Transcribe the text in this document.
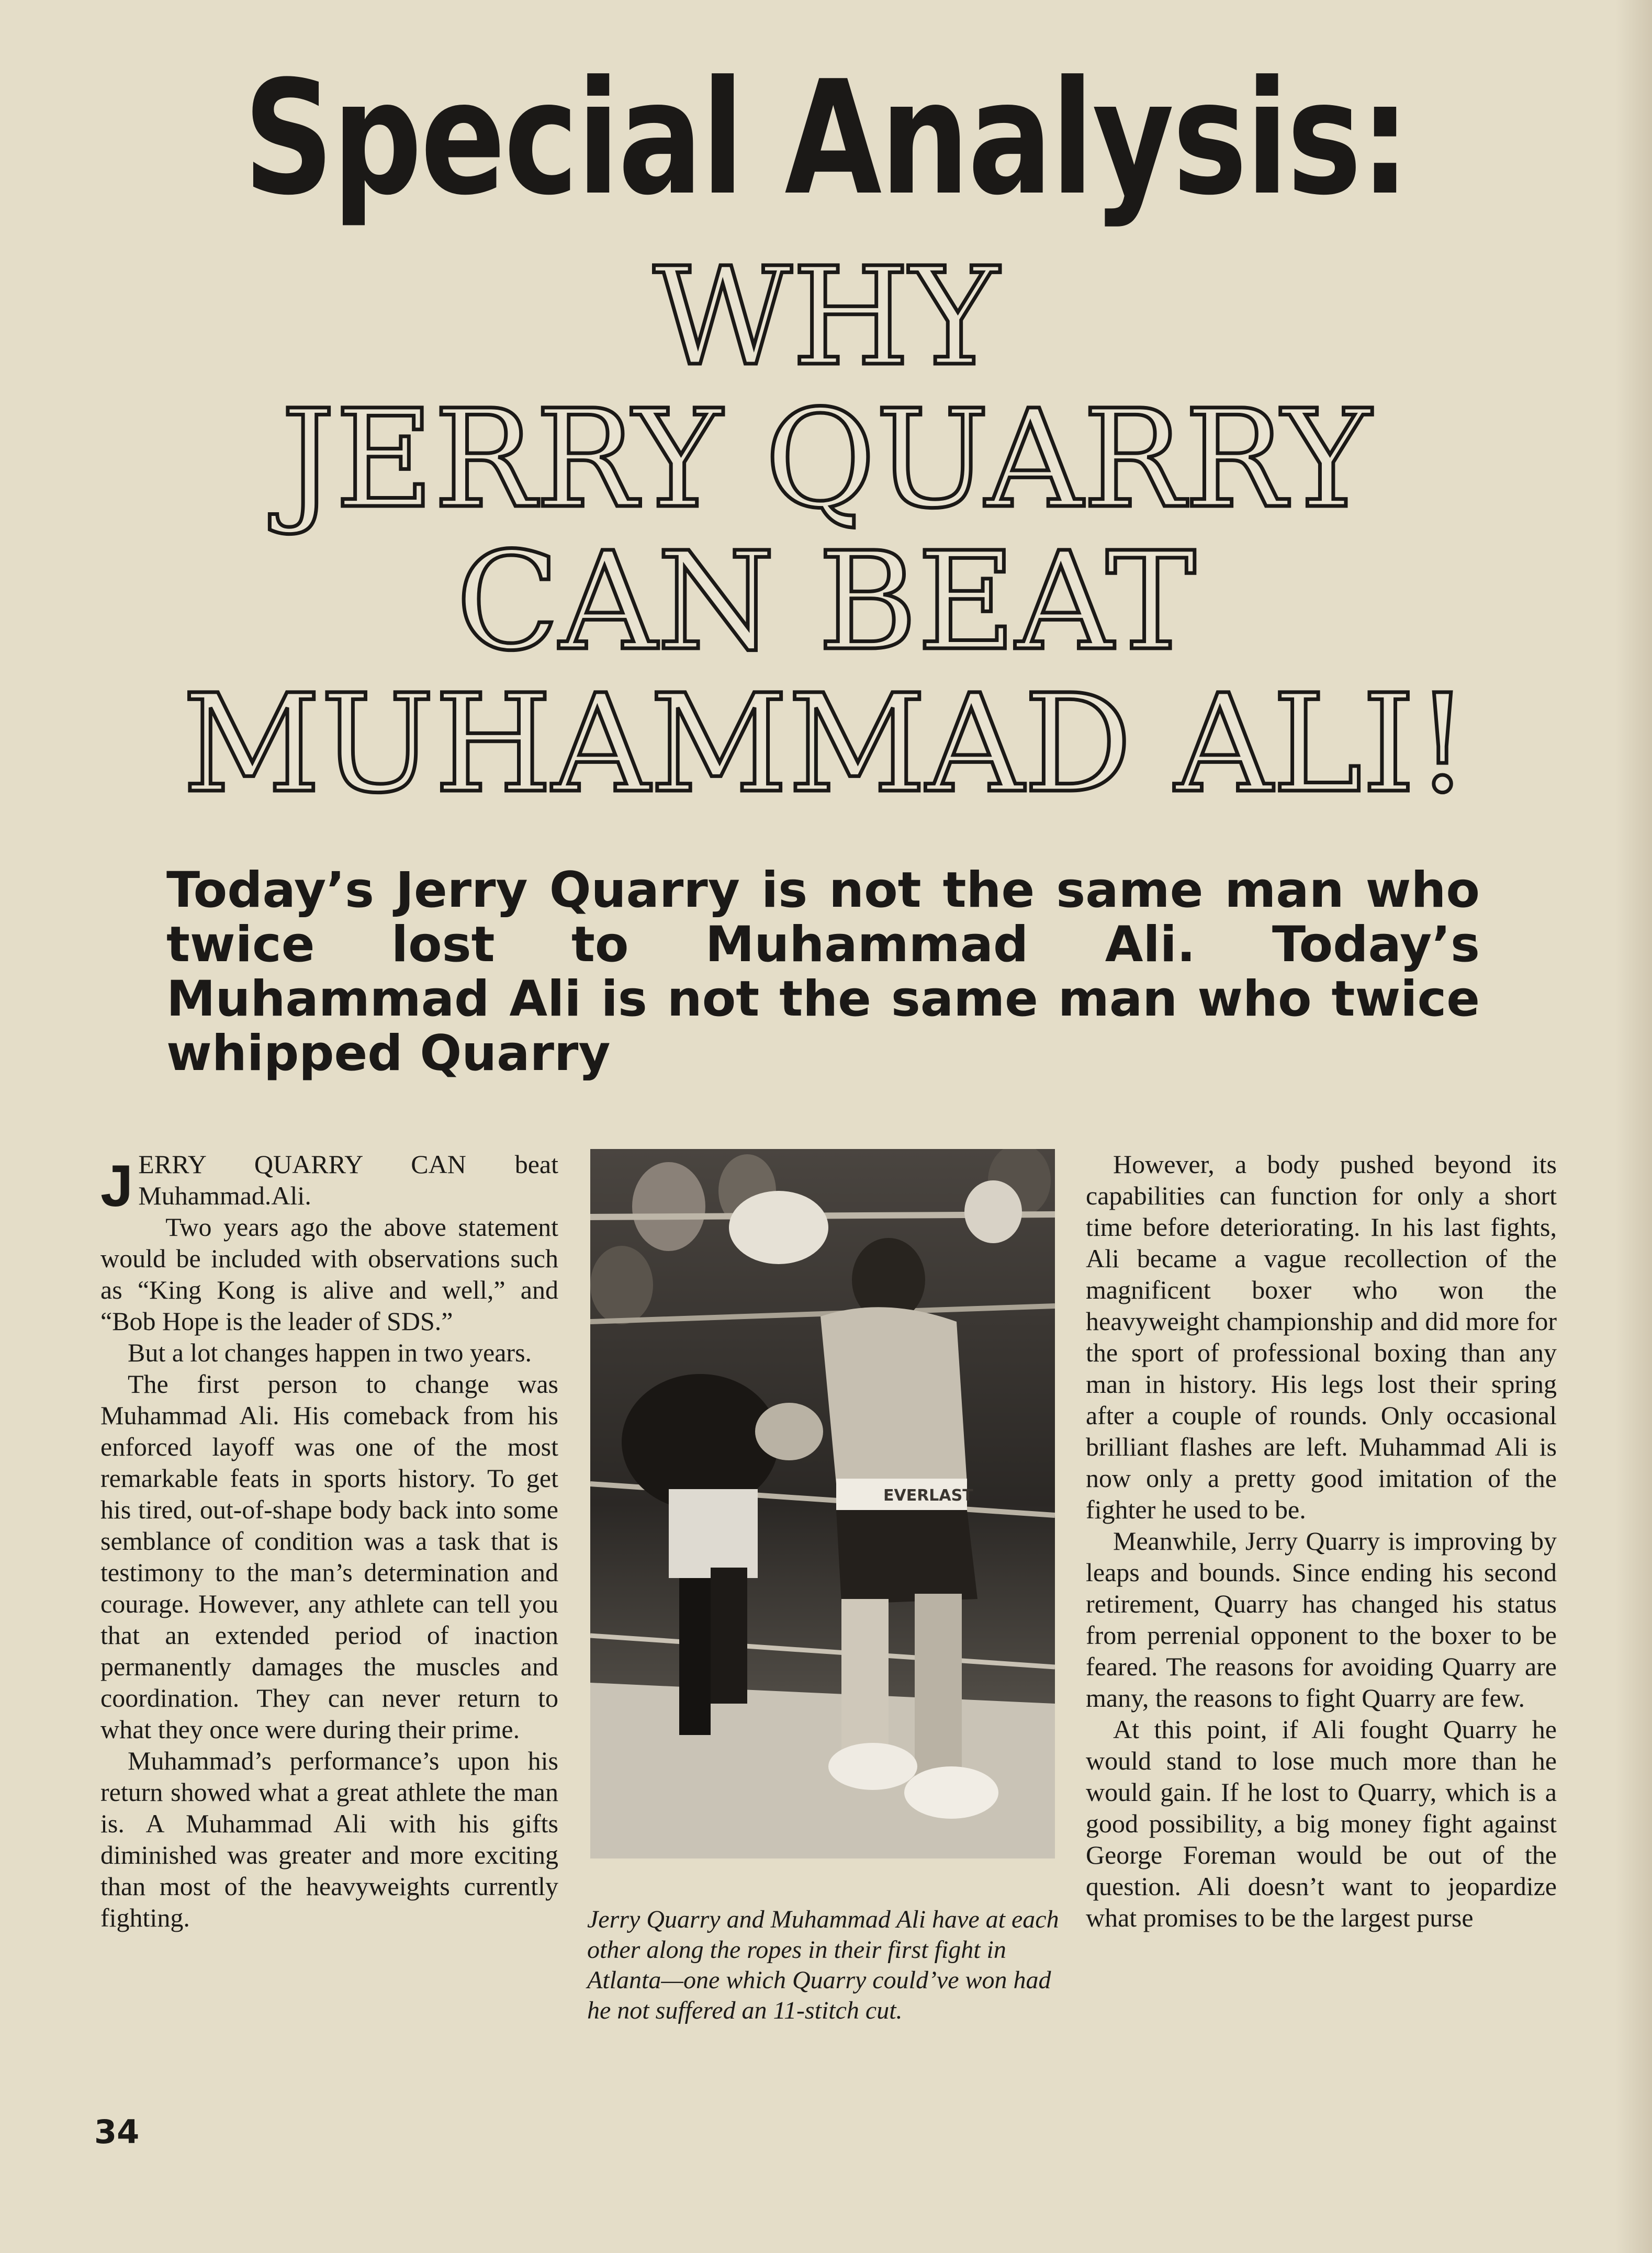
Special Analysis:
WHY
JERRY QUARRY
CAN BEAT
MUHAMMAD ALI!

Today’s Jerry Quarry is not the same man who twice lost to Muhammad Ali. Today’s Muhammad Ali is not the same man who twice whipped Quarry

JERRY QUARRY CAN beat Muhammad.Ali.

Two years ago the above statement would be included with observations such as “King Kong is alive and well,” and “Bob Hope is the leader of SDS.”

But a lot changes happen in two years.

The first person to change was Muhammad Ali. His comeback from his enforced layoff was one of the most remarkable feats in sports history. To get his tired, out-of-shape body back into some semblance of condition was a task that is testimony to the man’s determination and courage. However, any athlete can tell you that an extended period of inaction permanently damages the muscles and coordination. They can never return to what they once were during their prime.

Muhammad’s performance’s upon his return showed what a great athlete the man is. A Muhammad Ali with his gifts diminished was greater and more exciting than most of the heavyweights currently fighting.

EVERLAST

Jerry Quarry and Muhammad Ali have at each other along the ropes in their first fight in Atlanta—one which Quarry could’ve won had he not suffered an 11-stitch cut.

However, a body pushed beyond its capabilities can function for only a short time before deteriorating. In his last fights, Ali became a vague recollection of the magnificent boxer who won the heavyweight championship and did more for the sport of professional boxing than any man in history. His legs lost their spring after a couple of rounds. Only occasional brilliant flashes are left. Muhammad Ali is now only a pretty good imitation of the fighter he used to be.

Meanwhile, Jerry Quarry is improving by leaps and bounds. Since ending his second retirement, Quarry has changed his status from perrenial opponent to the boxer to be feared. The reasons for avoiding Quarry are many, the reasons to fight Quarry are few.

At this point, if Ali fought Quarry he would stand to lose much more than he would gain. If he lost to Quarry, which is a good possibility, a big money fight against George Foreman would be out of the question. Ali doesn’t want to jeopardize what promises to be the largest purse

34
